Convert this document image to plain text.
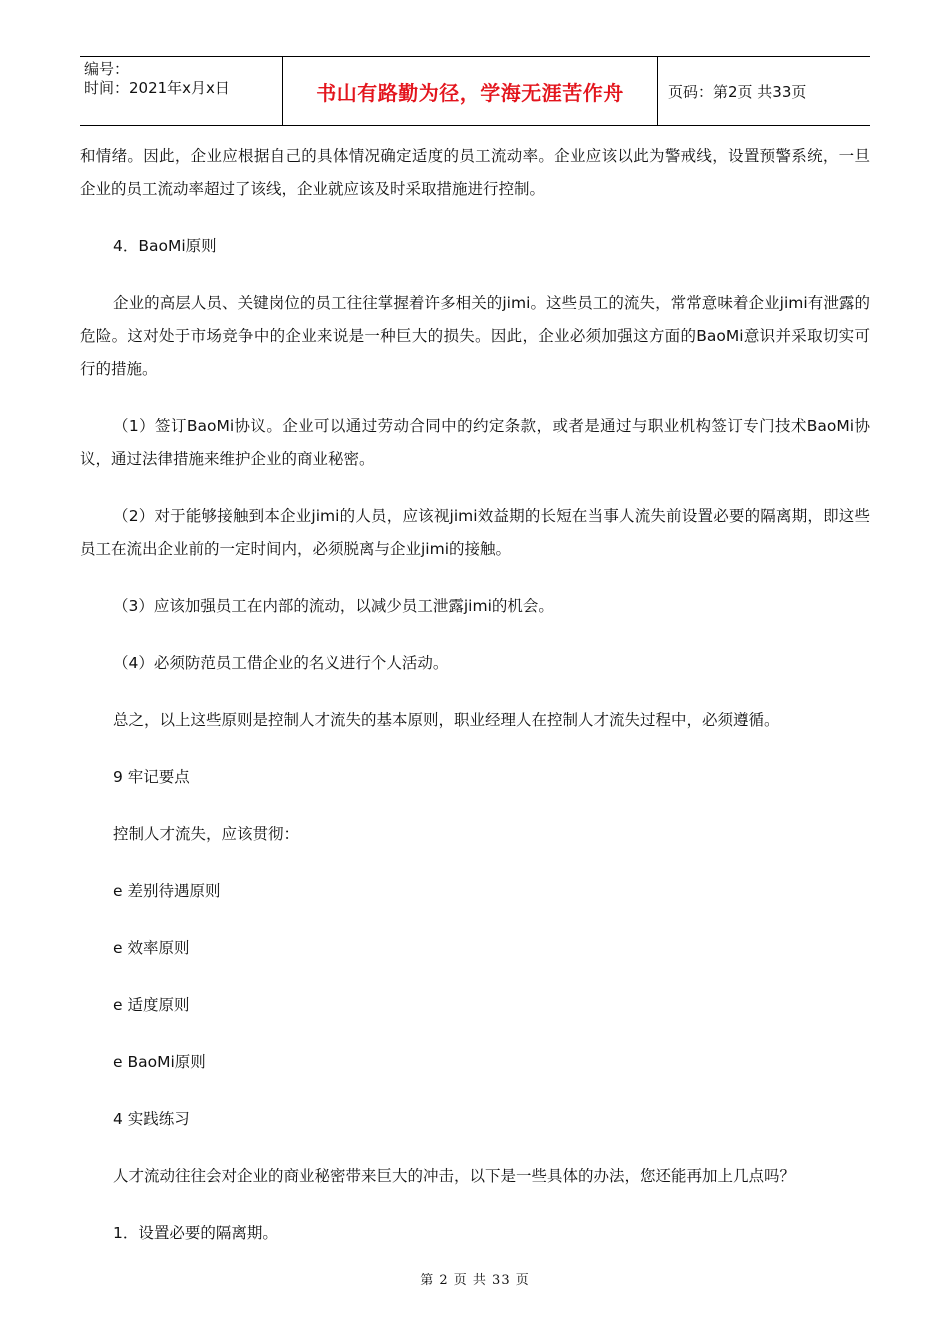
编号：
时间：2021年x月x日	书山有路勤为径，学海无涯苦作舟	页码：第2页 共33页
和情绪。因此，企业应根据自己的具体情况确定适度的员工流动率。企业应该以此为警戒线，设置预警系统，一旦企业的员工流动率超过了该线，企业就应该及时采取措施进行控制。
4．BaoMi原则
企业的高层人员、关键岗位的员工往往掌握着许多相关的jimi。这些员工的流失，常常意味着企业jimi有泄露的危险。这对处于市场竞争中的企业来说是一种巨大的损失。因此，企业必须加强这方面的BaoMi意识并采取切实可行的措施。
（1）签订BaoMi协议。企业可以通过劳动合同中的约定条款，或者是通过与职业机构签订专门技术BaoMi协议，通过法律措施来维护企业的商业秘密。
（2）对于能够接触到本企业jimi的人员，应该视jimi效益期的长短在当事人流失前设置必要的隔离期，即这些员工在流出企业前的一定时间内，必须脱离与企业jimi的接触。
（3）应该加强员工在内部的流动，以减少员工泄露jimi的机会。
（4）必须防范员工借企业的名义进行个人活动。
总之，以上这些原则是控制人才流失的基本原则，职业经理人在控制人才流失过程中，必须遵循。
9 牢记要点
控制人才流失，应该贯彻：
e 差别待遇原则
e 效率原则
e 适度原则
e BaoMi原则
4 实践练习
人才流动往往会对企业的商业秘密带来巨大的冲击，以下是一些具体的办法，您还能再加上几点吗？
1．设置必要的隔离期。
第 2 页 共 33 页
